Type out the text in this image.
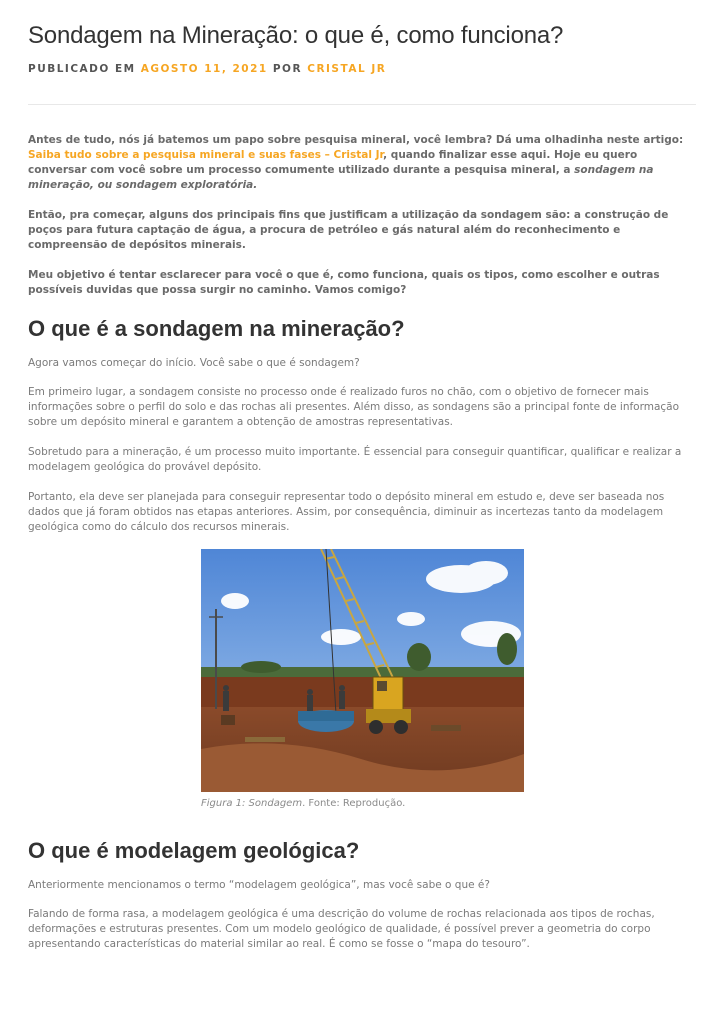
Sondagem na Mineração: o que é, como funciona?
PUBLICADO EM AGOSTO 11, 2021 POR CRISTAL JR

Antes de tudo, nós já batemos um papo sobre pesquisa mineral, você lembra? Dá uma olhadinha neste artigo: Saiba tudo sobre a pesquisa mineral e suas fases – Cristal Jr, quando finalizar esse aqui. Hoje eu quero conversar com você sobre um processo comumente utilizado durante a pesquisa mineral, a sondagem na mineração, ou sondagem exploratória.

Então, pra começar, alguns dos principais fins que justificam a utilização da sondagem são: a construção de poços para futura captação de água, a procura de petróleo e gás natural além do reconhecimento e compreensão de depósitos minerais.

Meu objetivo é tentar esclarecer para você o que é, como funciona, quais os tipos, como escolher e outras possíveis duvidas que possa surgir no caminho. Vamos comigo?

O que é a sondagem na mineração?

Agora vamos começar do início. Você sabe o que é sondagem?

Em primeiro lugar, a sondagem consiste no processo onde é realizado furos no chão, com o objetivo de fornecer mais informações sobre o perfil do solo e das rochas ali presentes. Além disso, as sondagens são a principal fonte de informação sobre um depósito mineral e garantem a obtenção de amostras representativas.

Sobretudo para a mineração, é um processo muito importante. É essencial para conseguir quantificar, qualificar e realizar a modelagem geológica do provável depósito.

Portanto, ela deve ser planejada para conseguir representar todo o depósito mineral em estudo e, deve ser baseada nos dados que já foram obtidos nas etapas anteriores. Assim, por consequência, diminuir as incertezas tanto da modelagem geológica como do cálculo dos recursos minerais.

Figura 1: Sondagem. Fonte: Reprodução.
O que é modelagem geológica?

Anteriormente mencionamos o termo “modelagem geológica”, mas você sabe o que é?

Falando de forma rasa, a modelagem geológica é uma descrição do volume de rochas relacionada aos tipos de rochas, deformações e estruturas presentes. Com um modelo geológico de qualidade, é possível prever a geometria do corpo apresentando características do material similar ao real. É como se fosse o “mapa do tesouro”.
